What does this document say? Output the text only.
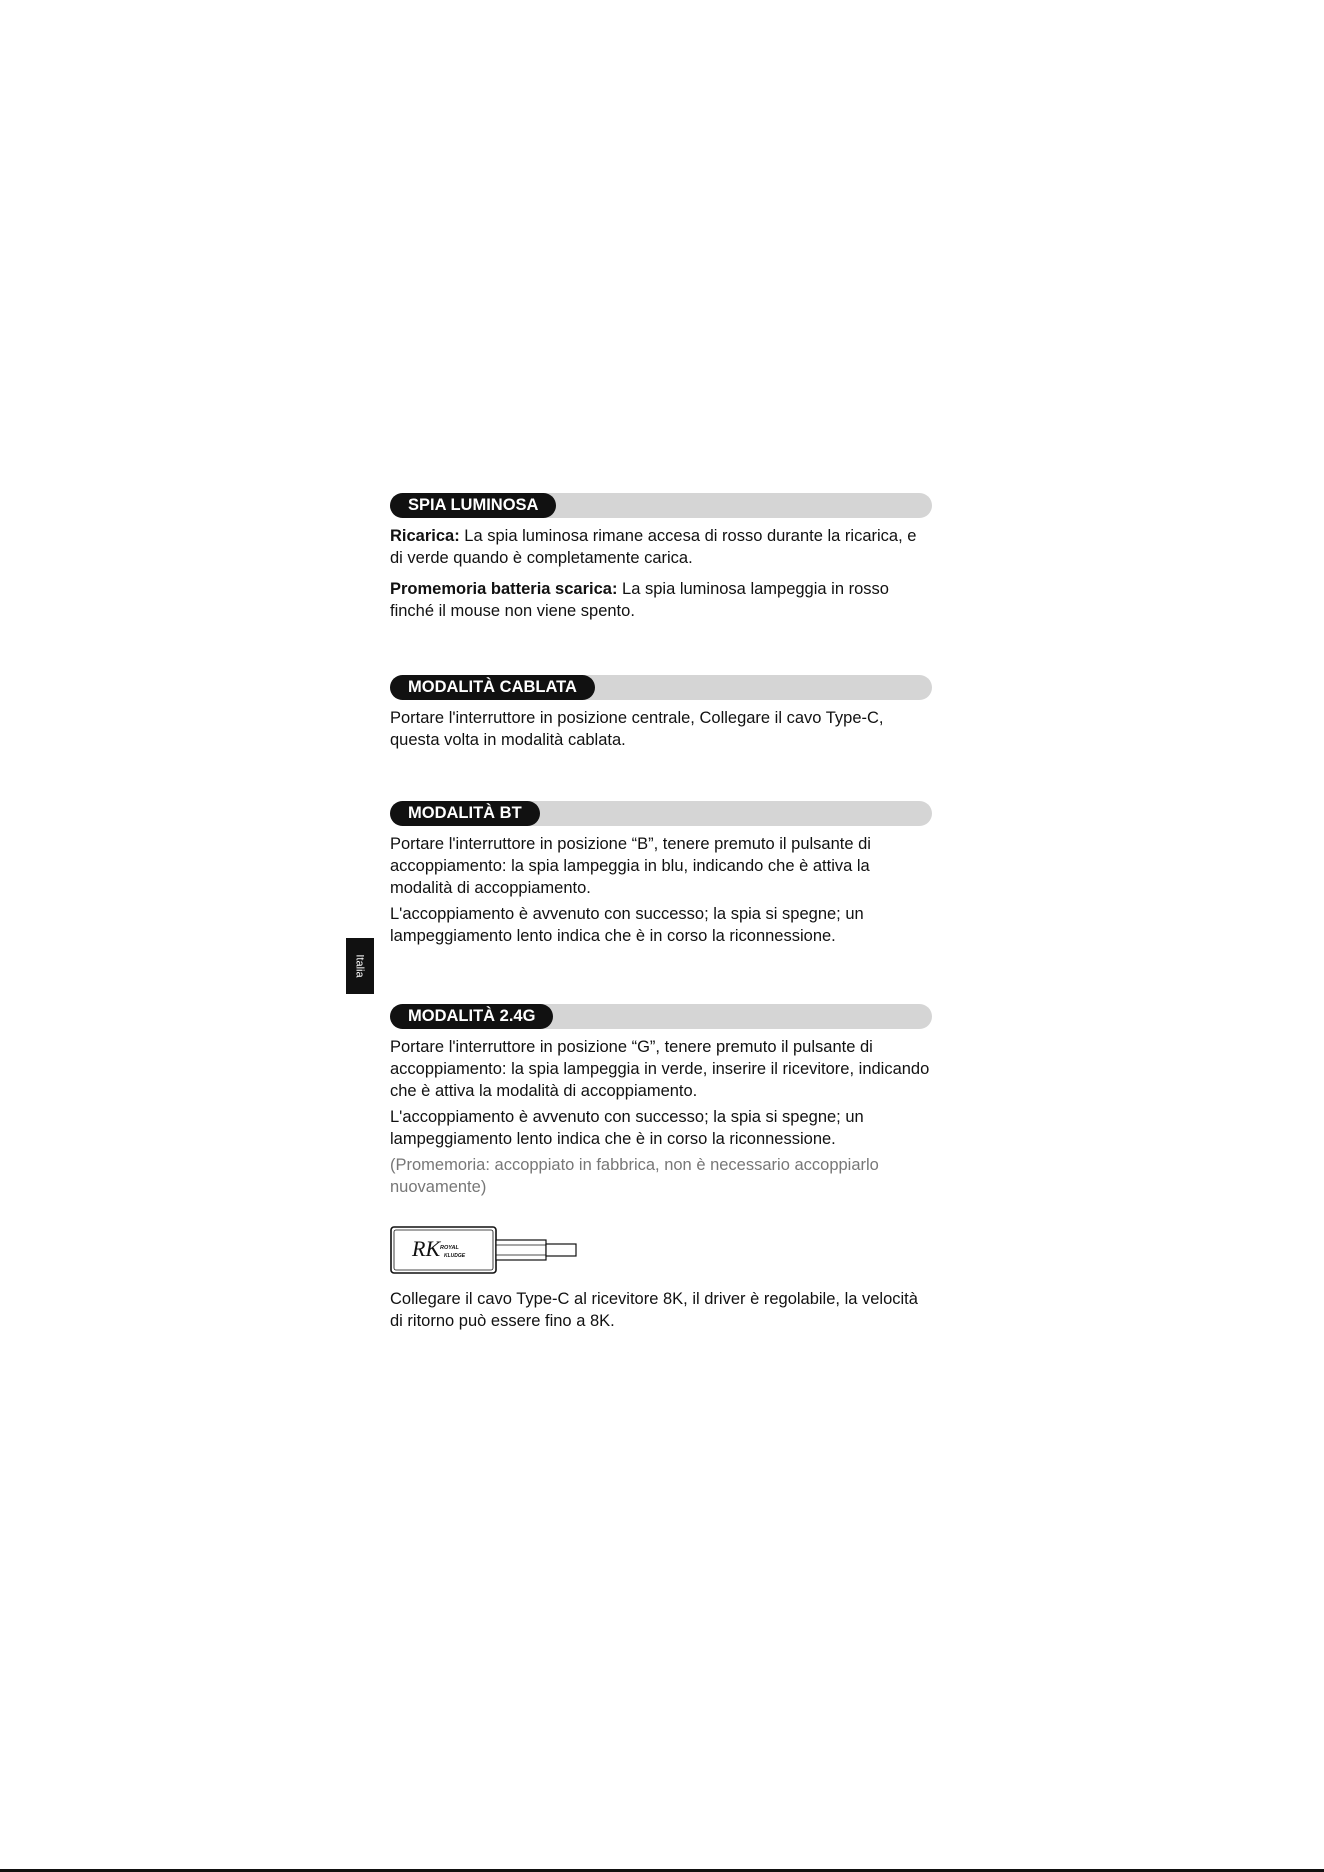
SPIA LUMINOSA

Ricarica: La spia luminosa rimane accesa di rosso durante la ricarica, e di verde quando è completamente carica.

Promemoria batteria scarica: La spia luminosa lampeggia in rosso finché il mouse non viene spento.

MODALITÀ CABLATA

Portare l'interruttore in posizione centrale, Collegare il cavo Type-C, questa volta in modalità cablata.

MODALITÀ BT

Portare l'interruttore in posizione “B”, tenere premuto il pulsante di accoppiamento: la spia lampeggia in blu, indicando che è attiva la modalità di accoppiamento.

L'accoppiamento è avvenuto con successo; la spia si spegne; un lampeggiamento lento indica che è in corso la riconnessione.

MODALITÀ 2.4G

Portare l'interruttore in posizione “G”, tenere premuto il pulsante di accoppiamento: la spia lampeggia in verde, inserire il ricevitore, indicando che è attiva la modalità di accoppiamento.

L'accoppiamento è avvenuto con successo; la spia si spegne; un lampeggiamento lento indica che è in corso la riconnessione.

(Promemoria: accoppiato in fabbrica, non è necessario accoppiarlo nuovamente)

RK ROYAL
KLUDGE

Collegare il cavo Type-C al ricevitore 8K, il driver è regolabile, la velocità di ritorno può essere fino a 8K.

Italia
